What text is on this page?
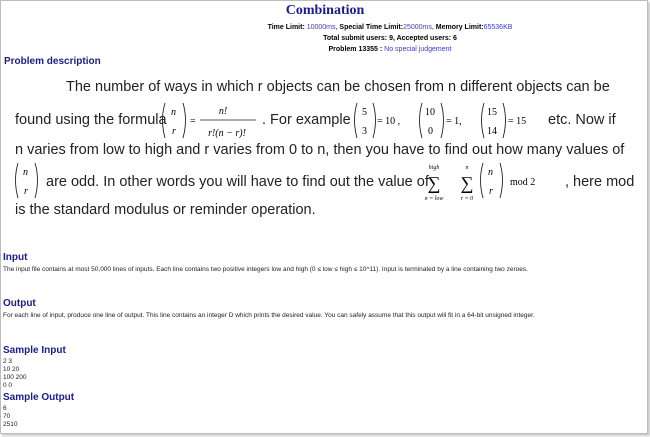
Combination
Time Limit: 10000ms, Special Time Limit:25000ms, Memory Limit:65536KB
Total submit users: 9, Accepted users: 6
Problem 13355 : No special judgement
Problem description
The number of ways in which r objects can be chosen from n different objects can be
found using the formula n
r
=
n!
r!(n − r)!
. For example 5
3
= 10 ,
10
0
= 1,
15
14
= 15 etc. Now if
n varies from low to high and r varies from 0 to n, then you have to find out how many values of
n
r
are odd. In other words you will have to find out the value of
high
∑
n = low
n
∑
r = 0
n
r
mod 2 , here mod
is the standard modulus or reminder operation.
Input
The input file contains at most 50,000 lines of inputs. Each line contains two positive integers low and high (0 ≤ low ≤ high ≤ 10^11). Input is terminated by a line containing two zeroes.
Output
For each line of input, produce one line of output. This line contains an integer D which prints the desired value. You can safely assume that this output will fit in a 64-bit unsigned integer.
Sample Input
2 3
10 20
100 200
0 0
Sample Output
6
70
2510
